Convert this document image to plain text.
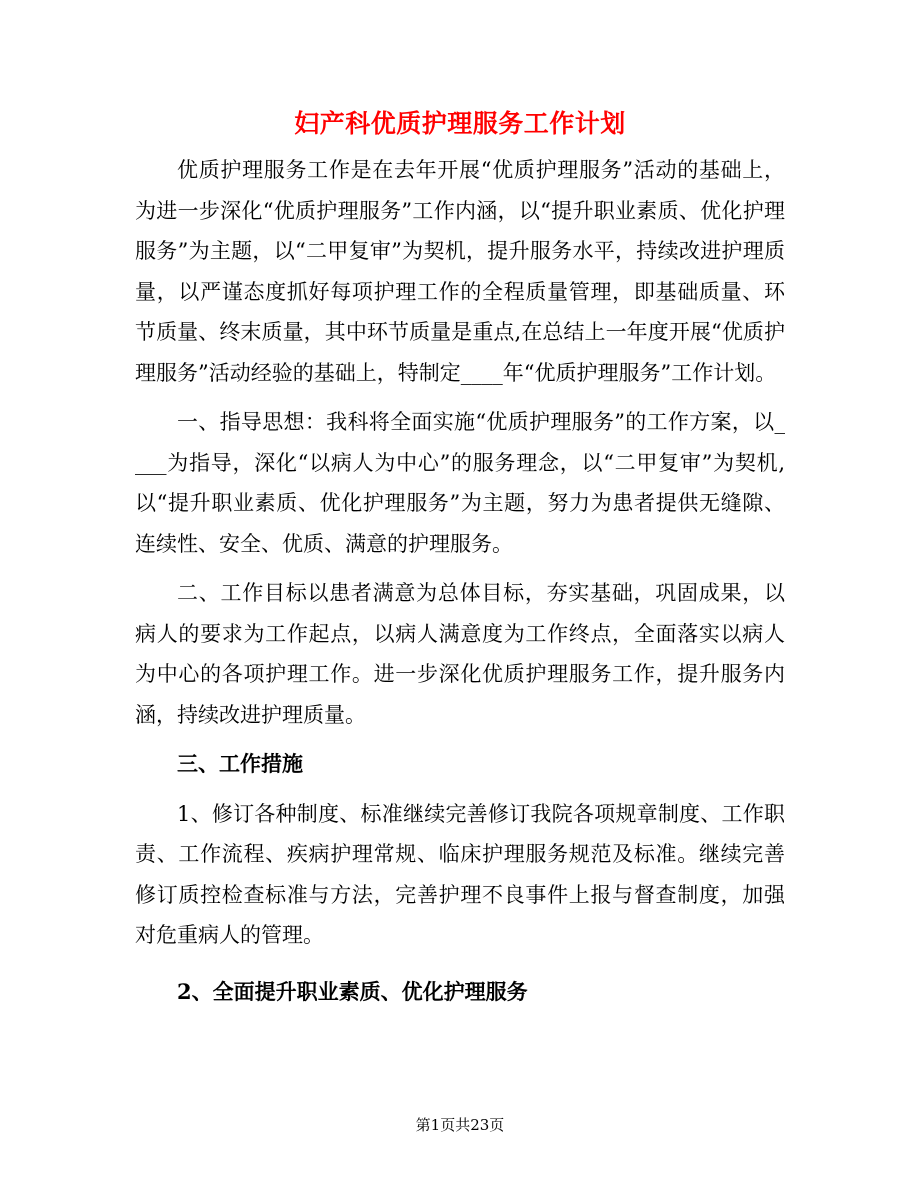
妇产科优质护理服务工作计划

优质护理服务工作是在去年开展“优质护理服务”活动的基础上，为进一步深化“优质护理服务”工作内涵，以“提升职业素质、优化护理服务”为主题，以“二甲复审”为契机，提升服务水平，持续改进护理质量，以严谨态度抓好每项护理工作的全程质量管理，即基础质量、环节质量、终末质量，其中环节质量是重点,在总结上一年度开展“优质护理服务”活动经验的基础上，特制定____年“优质护理服务”工作计划。

一、指导思想：我科将全面实施“优质护理服务”的工作方案，以____为指导，深化“以病人为中心”的服务理念，以“二甲复审”为契机,以“提升职业素质、优化护理服务”为主题，努力为患者提供无缝隙、连续性、安全、优质、满意的护理服务。

二、工作目标以患者满意为总体目标，夯实基础，巩固成果，以病人的要求为工作起点，以病人满意度为工作终点，全面落实以病人为中心的各项护理工作。进一步深化优质护理服务工作，提升服务内涵，持续改进护理质量。

三、工作措施

1、修订各种制度、标准继续完善修订我院各项规章制度、工作职责、工作流程、疾病护理常规、临床护理服务规范及标准。继续完善修订质控检查标准与方法，完善护理不良事件上报与督查制度，加强对危重病人的管理。

2、全面提升职业素质、优化护理服务

第1页共23页
